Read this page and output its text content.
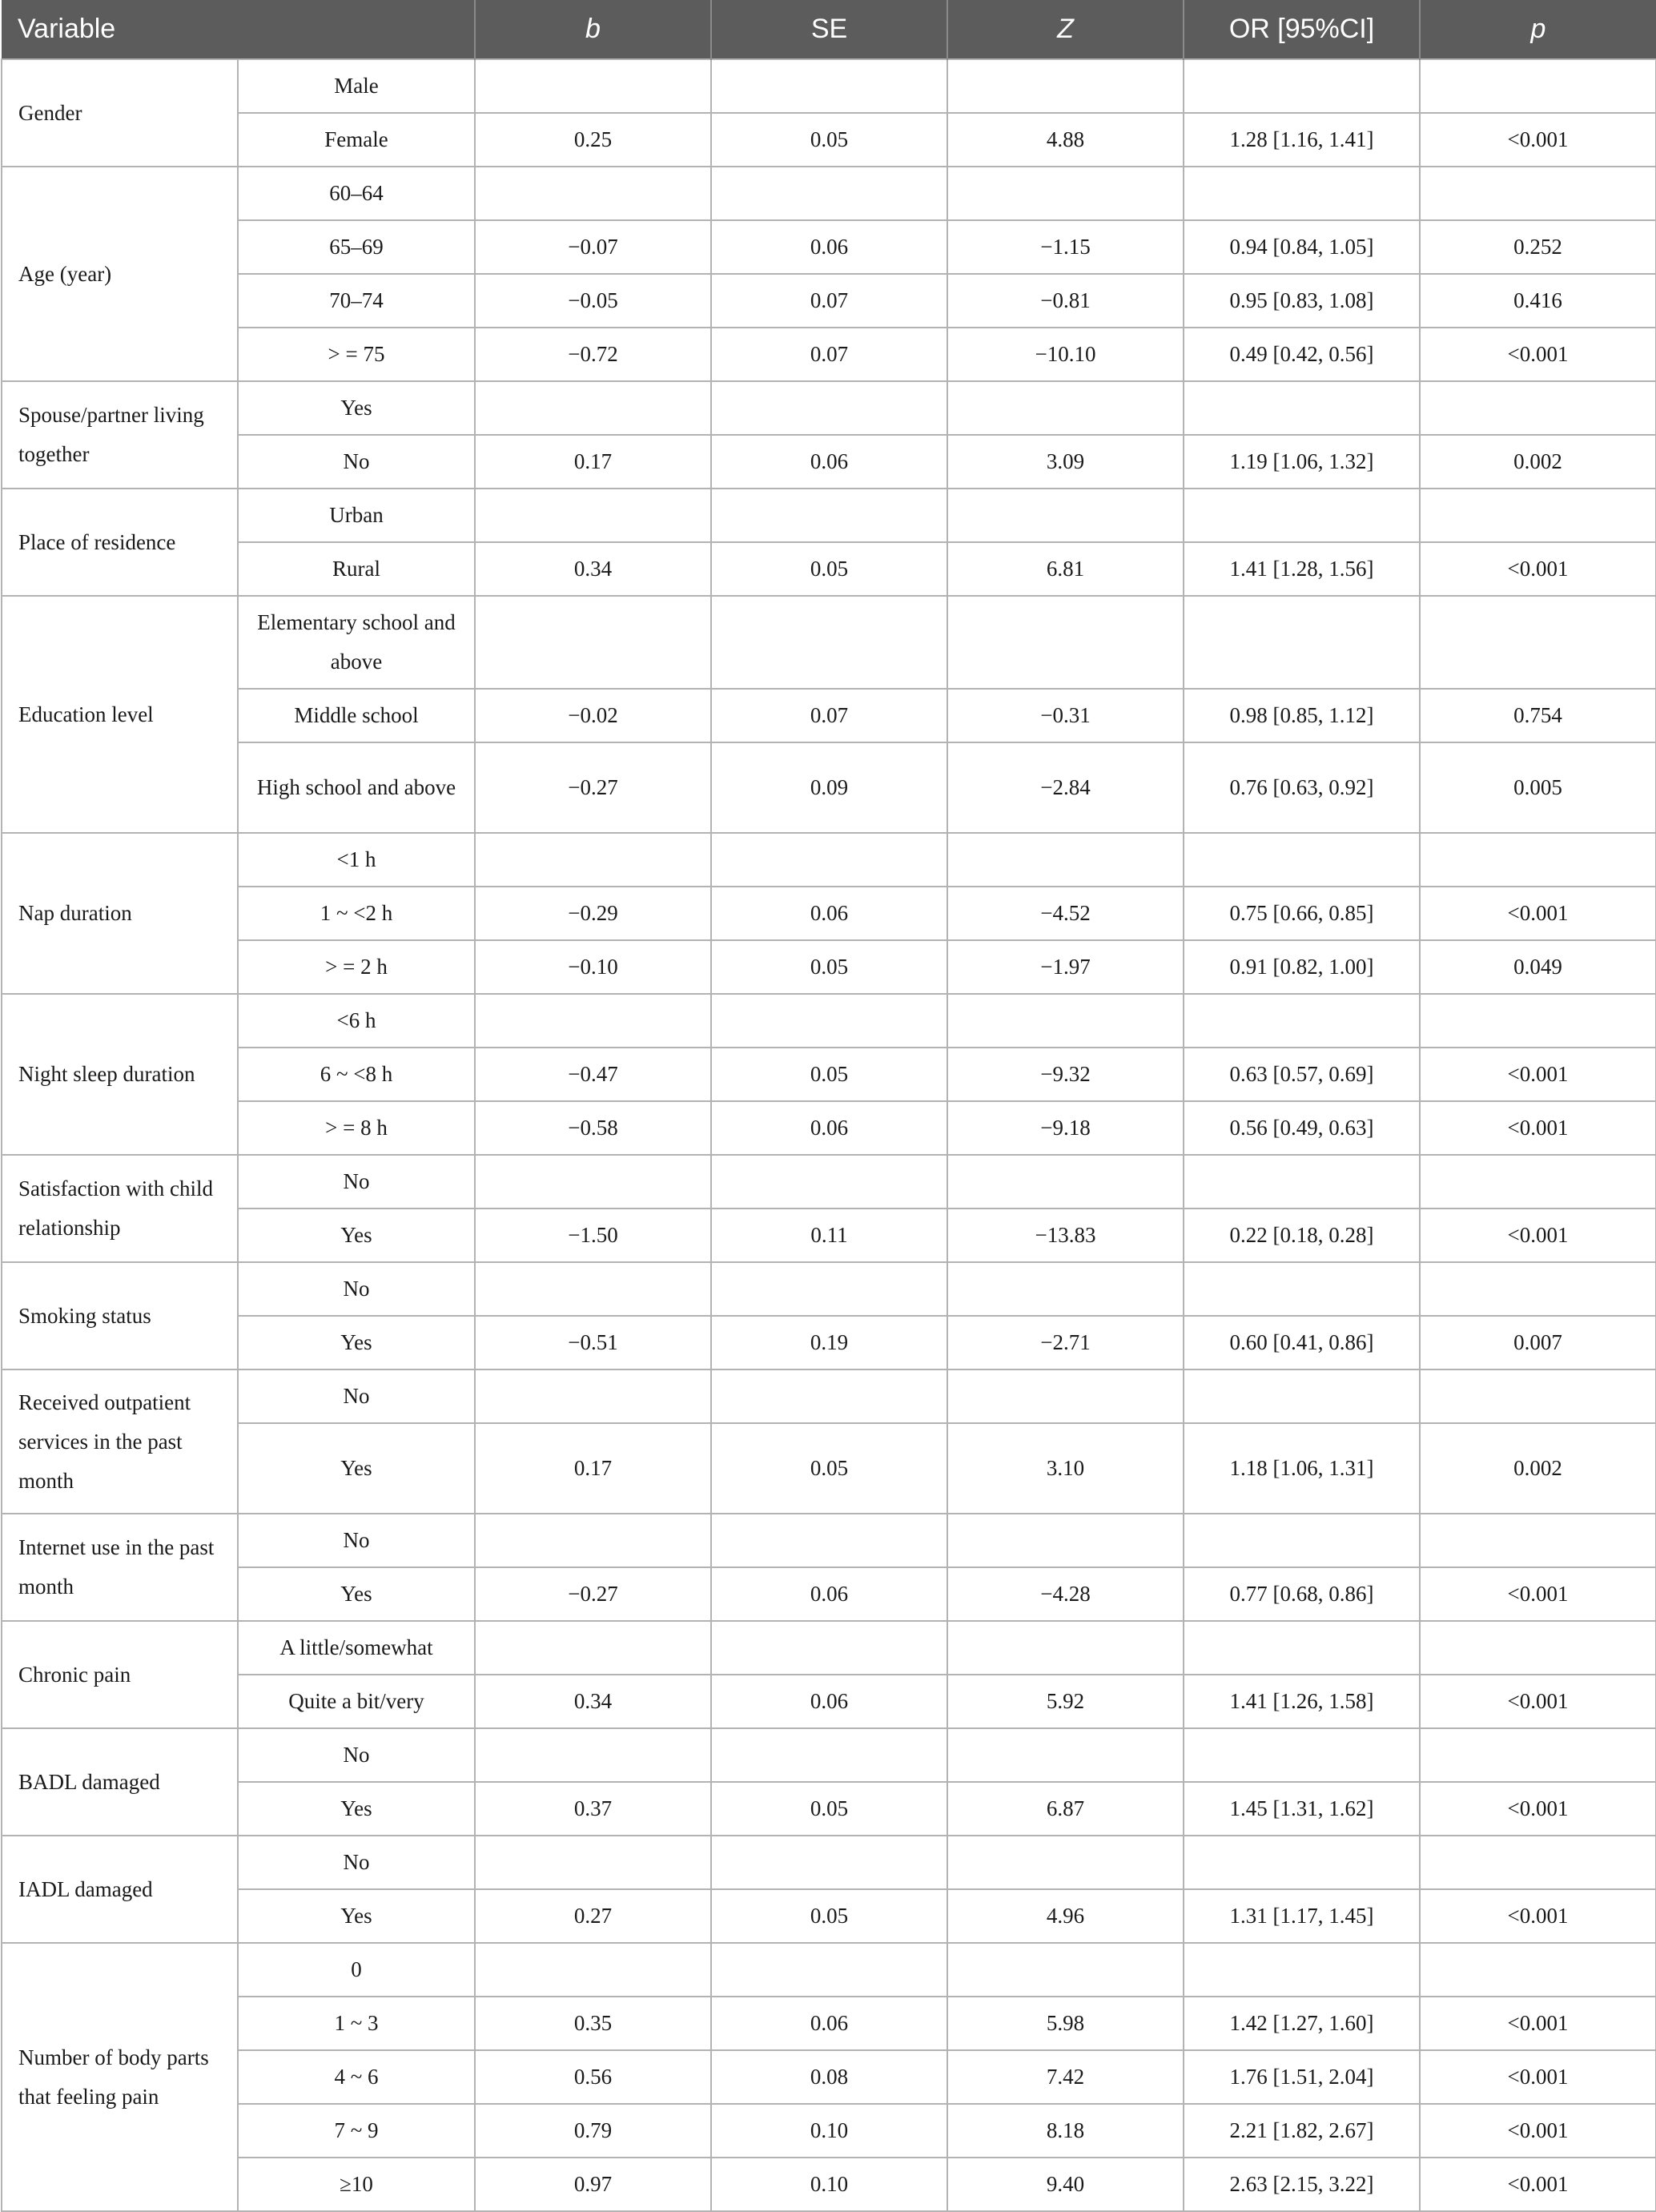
Variable		b	SE	Z	OR [95%CI]	p
Gender	Male					
	Female	0.25	0.05	4.88	1.28 [1.16, 1.41]	<0.001
Age (year)	60–64					
	65–69	−0.07	0.06	−1.15	0.94 [0.84, 1.05]	0.252
	70–74	−0.05	0.07	−0.81	0.95 [0.83, 1.08]	0.416
	> = 75	−0.72	0.07	−10.10	0.49 [0.42, 0.56]	<0.001
Spouse/partner living together	Yes					
	No	0.17	0.06	3.09	1.19 [1.06, 1.32]	0.002
Place of residence	Urban					
	Rural	0.34	0.05	6.81	1.41 [1.28, 1.56]	<0.001
Education level	Elementary school and above					
	Middle school	−0.02	0.07	−0.31	0.98 [0.85, 1.12]	0.754
	High school and above	−0.27	0.09	−2.84	0.76 [0.63, 0.92]	0.005
Nap duration	<1 h					
	1 ~ <2 h	−0.29	0.06	−4.52	0.75 [0.66, 0.85]	<0.001
	> = 2 h	−0.10	0.05	−1.97	0.91 [0.82, 1.00]	0.049
Night sleep duration	<6 h					
	6 ~ <8 h	−0.47	0.05	−9.32	0.63 [0.57, 0.69]	<0.001
	> = 8 h	−0.58	0.06	−9.18	0.56 [0.49, 0.63]	<0.001
Satisfaction with child relationship	No					
	Yes	−1.50	0.11	−13.83	0.22 [0.18, 0.28]	<0.001
Smoking status	No					
	Yes	−0.51	0.19	−2.71	0.60 [0.41, 0.86]	0.007
Received outpatient services in the past month	No					
	Yes	0.17	0.05	3.10	1.18 [1.06, 1.31]	0.002
Internet use in the past month	No					
	Yes	−0.27	0.06	−4.28	0.77 [0.68, 0.86]	<0.001
Chronic pain	A little/somewhat					
	Quite a bit/very	0.34	0.06	5.92	1.41 [1.26, 1.58]	<0.001
BADL damaged	No					
	Yes	0.37	0.05	6.87	1.45 [1.31, 1.62]	<0.001
IADL damaged	No					
	Yes	0.27	0.05	4.96	1.31 [1.17, 1.45]	<0.001
Number of body parts that feeling pain	0					
	1 ~ 3	0.35	0.06	5.98	1.42 [1.27, 1.60]	<0.001
	4 ~ 6	0.56	0.08	7.42	1.76 [1.51, 2.04]	<0.001
	7 ~ 9	0.79	0.10	8.18	2.21 [1.82, 2.67]	<0.001
	≥10	0.97	0.10	9.40	2.63 [2.15, 3.22]	<0.001
